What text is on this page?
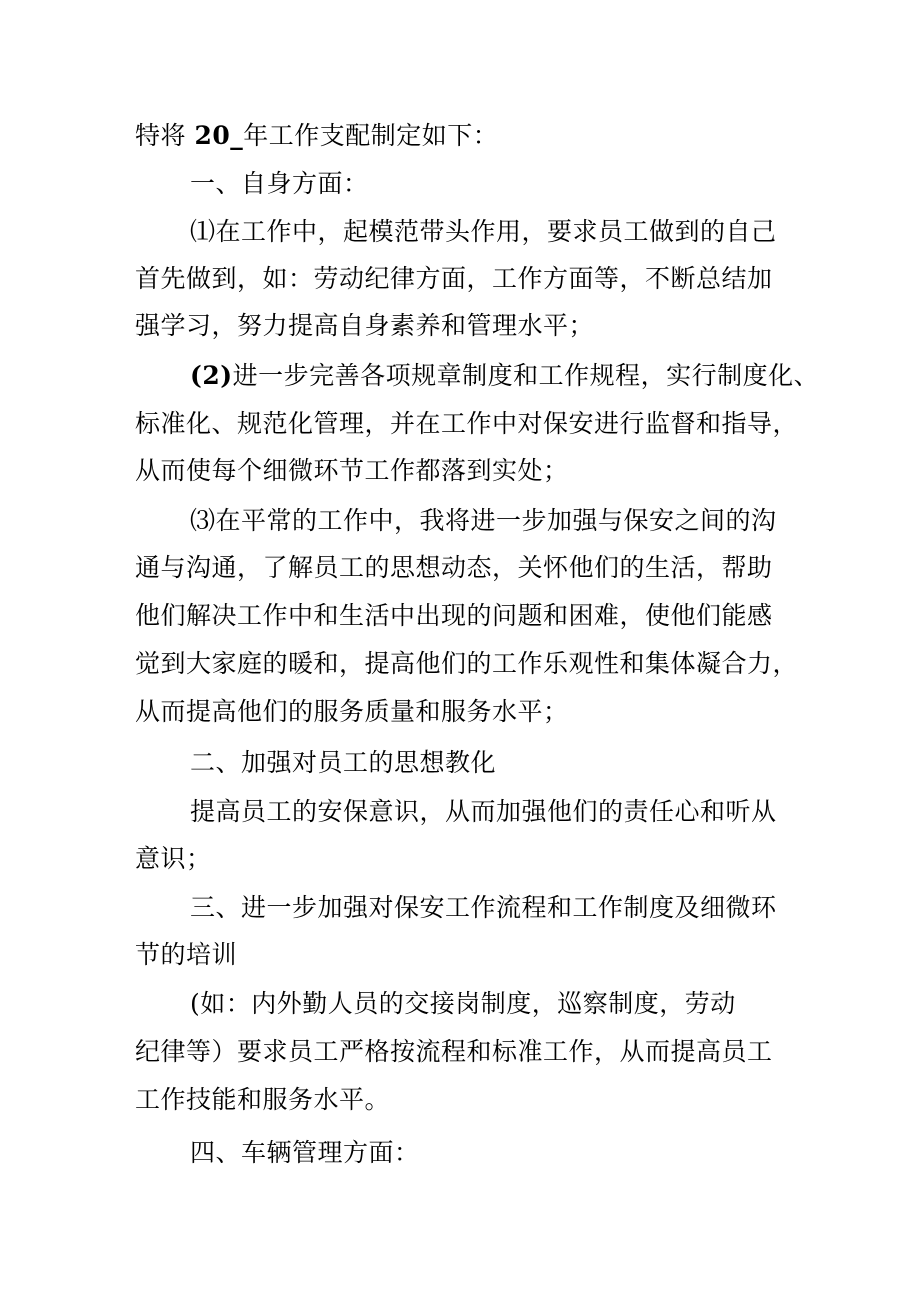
特将 20_年工作支配制定如下：
一、自身方面：
⑴在工作中，起模范带头作用，要求员工做到的自己
首先做到，如：劳动纪律方面，工作方面等，不断总结加
强学习，努力提高自身素养和管理水平；
(2)进一步完善各项规章制度和工作规程，实行制度化、
标准化、规范化管理，并在工作中对保安进行监督和指导，
从而使每个细微环节工作都落到实处；
⑶在平常的工作中，我将进一步加强与保安之间的沟
通与沟通，了解员工的思想动态，关怀他们的生活，帮助
他们解决工作中和生活中出现的问题和困难，使他们能感
觉到大家庭的暖和，提高他们的工作乐观性和集体凝合力，
从而提高他们的服务质量和服务水平；
二、加强对员工的思想教化
提高员工的安保意识，从而加强他们的责任心和听从
意识；
三、进一步加强对保安工作流程和工作制度及细微环
节的培训
(如：内外勤人员的交接岗制度，巡察制度，劳动
纪律等）要求员工严格按流程和标准工作，从而提高员工
工作技能和服务水平。
四、车辆管理方面：
